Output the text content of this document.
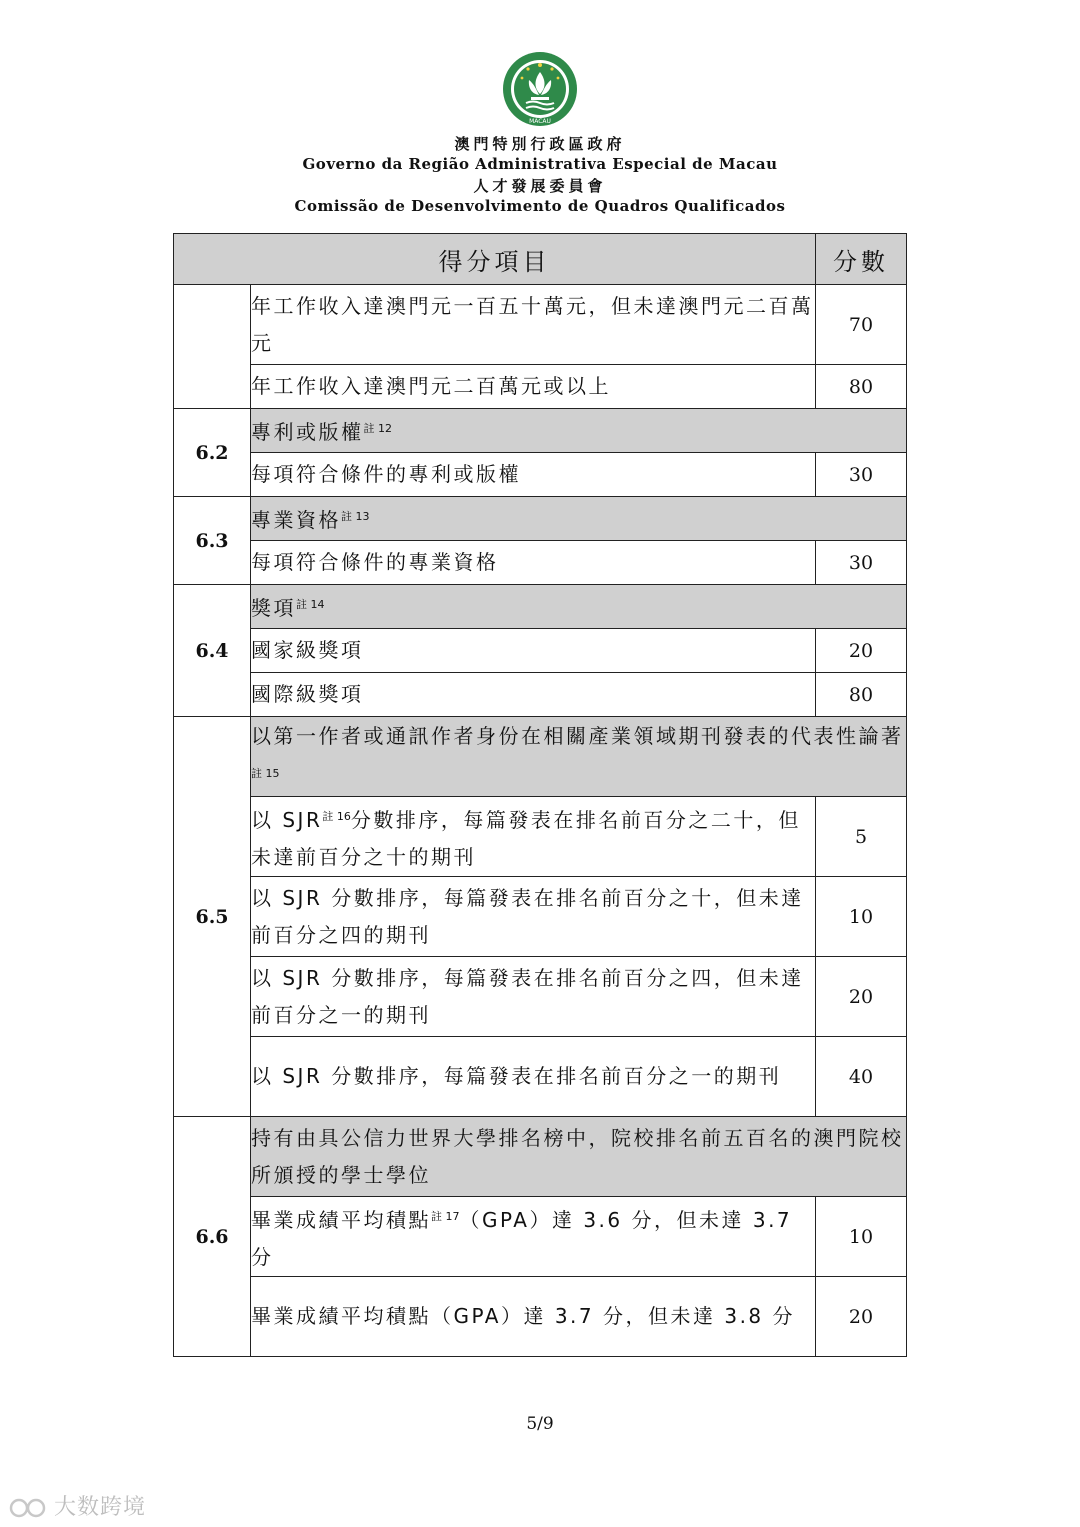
MACAU
澳門特別行政區政府
Governo da Região Administrativa Especial de Macau
人才發展委員會
Comissão de Desenvolvimento de Quadros Qualificados
得分項目		分數
	年工作收入達澳門元一百五十萬元，但未達澳門元二百萬元	70
	年工作收入達澳門元二百萬元或以上	80
6.2	專利或版權$^{註 12}$
	每項符合條件的專利或版權	30
6.3	專業資格$^{註 13}$
	每項符合條件的專業資格	30
6.4	獎項$^{註 14}$
	國家級獎項	20
	國際級獎項	80
6.5	以第一作者或通訊作者身份在相關產業領域期刊發表的代表性論著$^{註 15}$
	以 $SJR^{註 16}$分數排序，每篇發表在排名前百分之二十，但未達前百分之十的期刊	5
	以 SJR 分數排序，每篇發表在排名前百分之十，但未達前百分之四的期刊	10
	以 SJR 分數排序，每篇發表在排名前百分之四，但未達前百分之一的期刊	20
	以 SJR 分數排序，每篇發表在排名前百分之一的期刊	40
6.6	持有由具公信力世界大學排名榜中，院校排名前五百名的澳門院校所頒授的學士學位	
	畢業成績平均積點$^{註 17}$（GPA）達 3.6 分，但未達 3.7 分	10
	畢業成績平均積點（GPA）達 3.7 分，但未達 3.8 分	20
5/9
大数跨境
